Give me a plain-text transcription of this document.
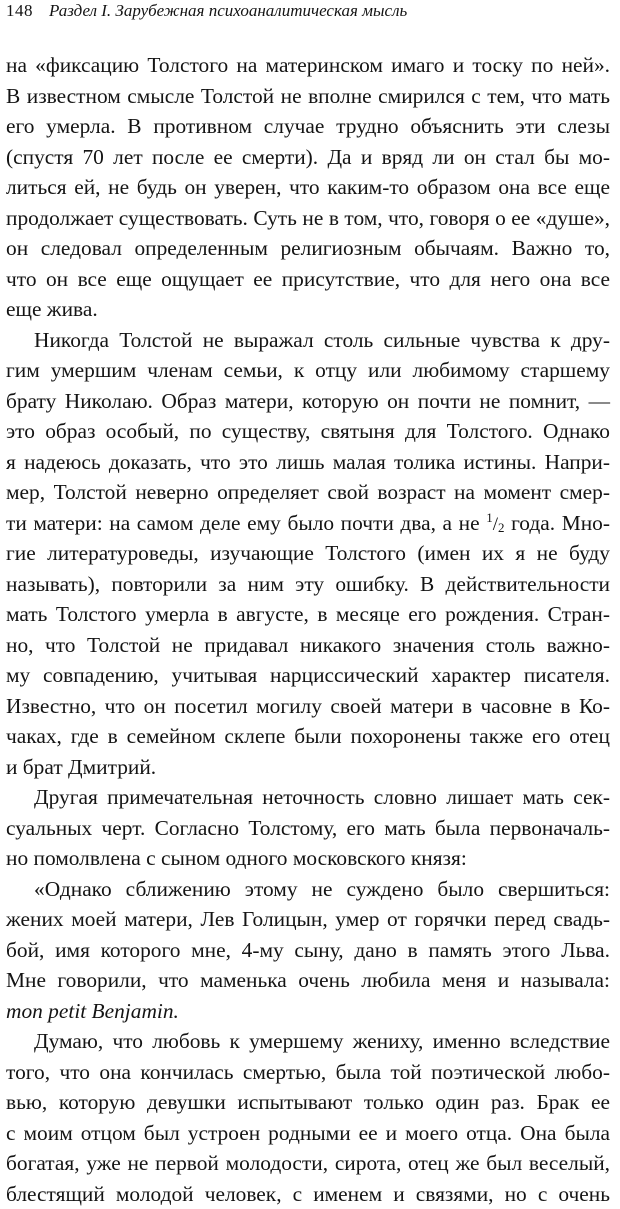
148 Раздел I. Зарубежная психоаналитическая мысль
на «фиксацию Толстого на материнском имаго и тоску по ней».
В известном смысле Толстой не вполне смирился с тем, что мать
его умерла. В противном случае трудно объяснить эти слезы
(спустя 70 лет после ее смерти). Да и вряд ли он стал бы мо-
литься ей, не будь он уверен, что каким-то образом она все еще
продолжает существовать. Суть не в том, что, говоря о ее «душе»,
он следовал определенным религиозным обычаям. Важно то,
что он все еще ощущает ее присутствие, что для него она все
еще жива.
Никогда Толстой не выражал столь сильные чувства к дру-
гим умершим членам семьи, к отцу или любимому старшему
брату Николаю. Образ матери, которую он почти не помнит, —
это образ особый, по существу, святыня для Толстого. Однако
я надеюсь доказать, что это лишь малая толика истины. Напри-
мер, Толстой неверно определяет свой возраст на момент смер-
ти матери: на самом деле ему было почти два, а не $^1$/2 года. Мно-
гие литературоведы, изучающие Толстого (имен их я не буду
называть), повторили за ним эту ошибку. В действительности
мать Толстого умерла в августе, в месяце его рождения. Стран-
но, что Толстой не придавал никакого значения столь важно-
му совпадению, учитывая нарциссический характер писателя.
Известно, что он посетил могилу своей матери в часовне в Ко-
чаках, где в семейном склепе были похоронены также его отец
и брат Дмитрий.
Другая примечательная неточность словно лишает мать сек-
суальных черт. Согласно Толстому, его мать была первоначаль-
но помолвлена с сыном одного московского князя:
«Однако сближению этому не суждено было свершиться:
жених моей матери, Лев Голицын, умер от горячки перед свадь-
бой, имя которого мне, 4-му сыну, дано в память этого Льва.
Мне говорили, что маменька очень любила меня и называла:
mon petit Benjamin.
Думаю, что любовь к умершему жениху, именно вследствие
того, что она кончилась смертью, была той поэтической любо-
вью, которую девушки испытывают только один раз. Брак ее
с моим отцом был устроен родными ее и моего отца. Она была
богатая, уже не первой молодости, сирота, отец же был веселый,
блестящий молодой человек, с именем и связями, но с очень
